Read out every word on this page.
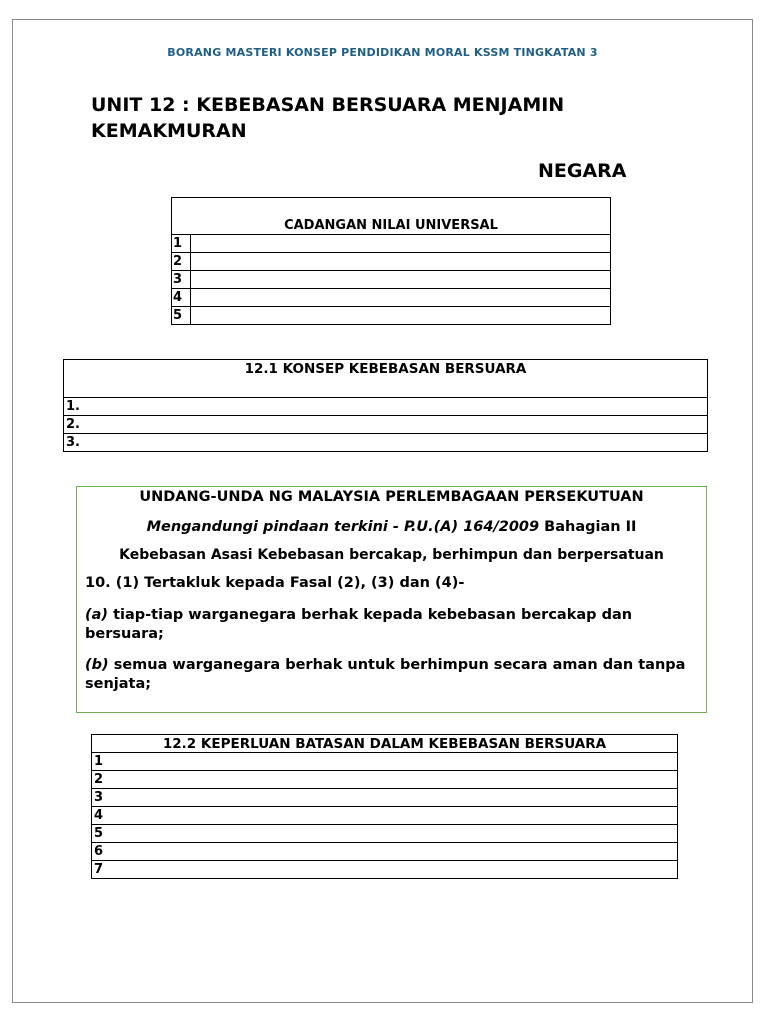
BORANG MASTERI KONSEP PENDIDIKAN MORAL KSSM TINGKATAN 3
UNIT 12 : KEBEBASAN BERSUARA MENJAMIN
KEMAKMURAN
NEGARA
CADANGAN NILAI UNIVERSAL	
1	
2	
3	
4	
5	
12.1 KONSEP KEBEBASAN BERSUARA
1.
2.
3.
UNDANG-UNDA NG MALAYSIA PERLEMBAGAAN PERSEKUTUAN
Mengandungi pindaan terkini - P.U.(A) 164/2009 Bahagian II
Kebebasan Asasi Kebebasan bercakap, berhimpun dan berpersatuan
10. (1) Tertakluk kepada Fasal (2), (3) dan (4)-
(a) tiap-tiap warganegara berhak kepada kebebasan bercakap dan bersuara;
(b) semua warganegara berhak untuk berhimpun secara aman dan tanpa senjata;
12.2 KEPERLUAN BATASAN DALAM KEBEBASAN BERSUARA
1
2
3
4
5
6
7
